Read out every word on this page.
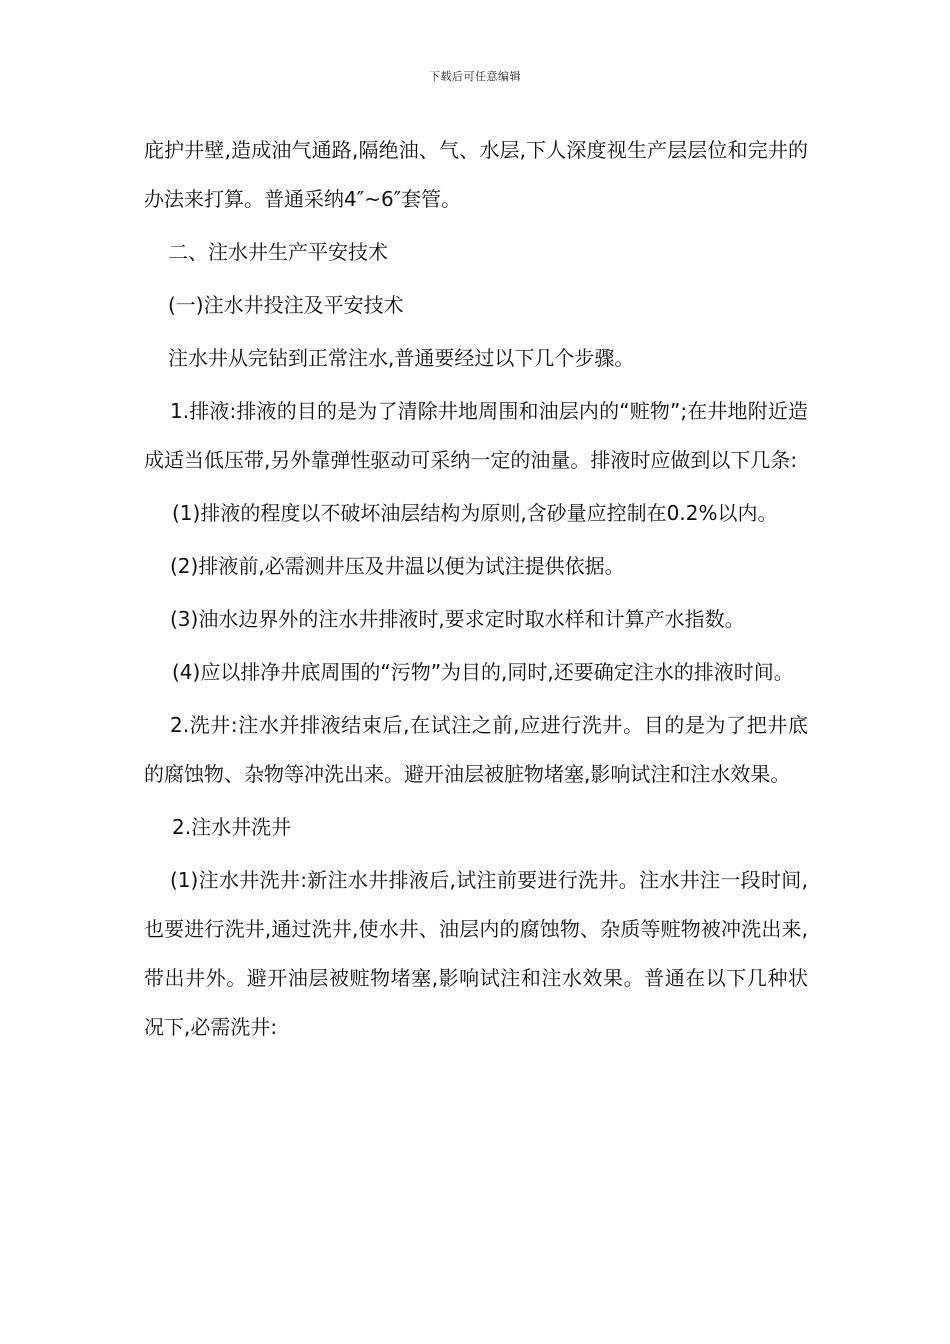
下载后可任意编辑

庇护井壁,造成油气通路,隔绝油、气、水层,下人深度视生产层层位和完井的办法来打算。普通采纳4″~6″套管。

二、注水井生产平安技术

(一)注水井投注及平安技术

注水井从完钻到正常注水,普通要经过以下几个步骤。

1.排液:排液的目的是为了清除井地周围和油层内的“赃物”;在井地附近造成适当低压带,另外靠弹性驱动可采纳一定的油量。排液时应做到以下几条:

(1)排液的程度以不破坏油层结构为原则,含砂量应控制在0.2%以内。

(2)排液前,必需测井压及井温以便为试注提供依据。

(3)油水边界外的注水井排液时,要求定时取水样和计算产水指数。

(4)应以排净井底周围的“污物”为目的,同时,还要确定注水的排液时间。

2.洗井:注水并排液结束后,在试注之前,应进行洗井。目的是为了把井底的腐蚀物、杂物等冲洗出来。避开油层被脏物堵塞,影响试注和注水效果。

2.注水井洗井

(1)注水井洗井:新注水井排液后,试注前要进行洗井。注水井注一段时间,也要进行洗井,通过洗井,使水井、油层内的腐蚀物、杂质等赃物被冲洗出来,带出井外。避开油层被赃物堵塞,影响试注和注水效果。普通在以下几种状况下,必需洗井:
